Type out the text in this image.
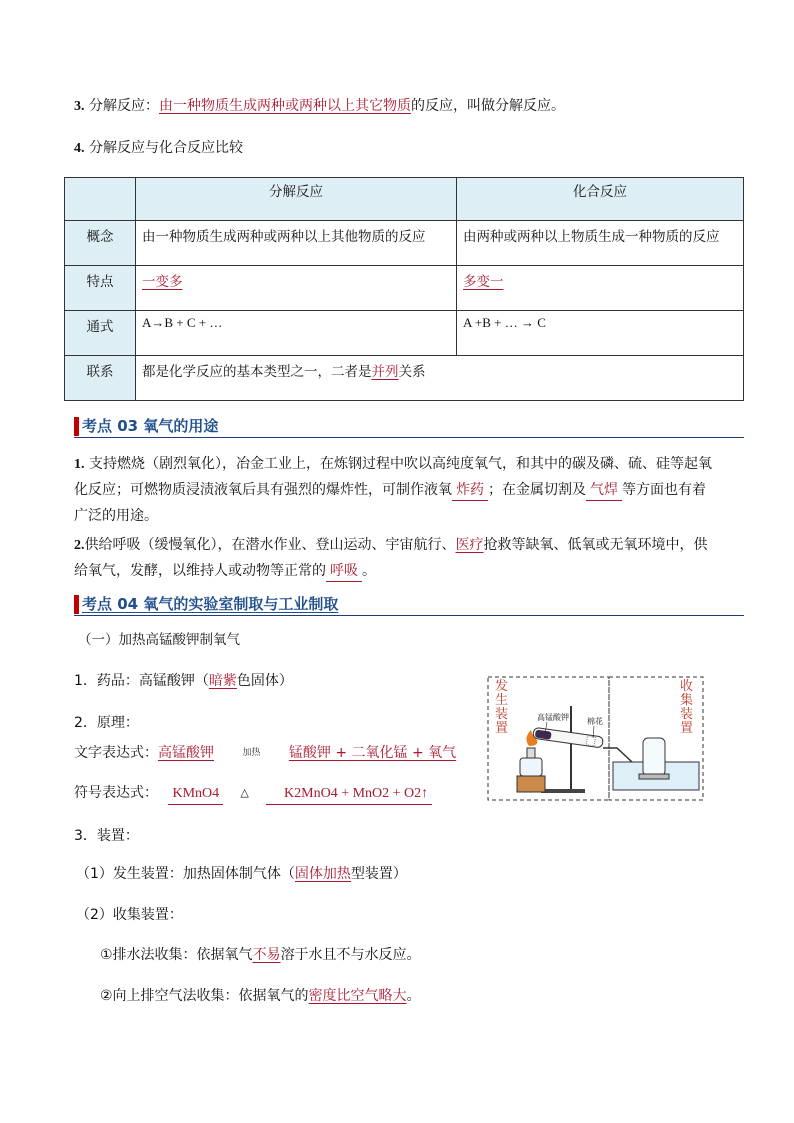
3. 分解反应：由一种物质生成两种或两种以上其它物质的反应，叫做分解反应。
4. 分解反应与化合反应比较
	分解反应	化合反应
概念	由一种物质生成两种或两种以上其他物质的反应	由两种或两种以上物质生成一种物质的反应
特点	一变多	多变一
通式	A→B + C + …	A +B + … → C
联系	都是化学反应的基本类型之一，二者是并列关系	
考点 03 氧气的用途
1. 支持燃烧（剧烈氧化），冶金工业上，在炼钢过程中吹以高纯度氧气，和其中的碳及磷、硫、硅等起氧
化反应；可燃物质浸渍液氧后具有强烈的爆炸性，可制作液氧 炸药 ；在金属切割及 气焊 等方面也有着
广泛的用途。
2.供给呼吸（缓慢氧化），在潜水作业、登山运动、宇宙航行、医疗抢救等缺氧、低氧或无氧环境中，供
给氧气，发酵，以维持人或动物等正常的 呼吸 。
考点 04 氧气的实验室制取与工业制取
（一）加热高锰酸钾制氧气
1．药品：高锰酸钾（暗紫色固体）
2．原理：
文字表达式：高锰酸钾	加热 锰酸钾 + 二氧化锰 + 氧气
符号表达式： KMnO4 △	K2MnO4 + MnO2 + O2↑
3．装置：
（1）发生装置：加热固体制气体（固体加热型装置）
（2）收集装置：
①排水法收集：依据氧气不易溶于水且不与水反应。
②向上排空气法收集：依据氧气的密度比空气略大。
发
生
装
置
收
集
装
置
高锰酸钾 棉花
